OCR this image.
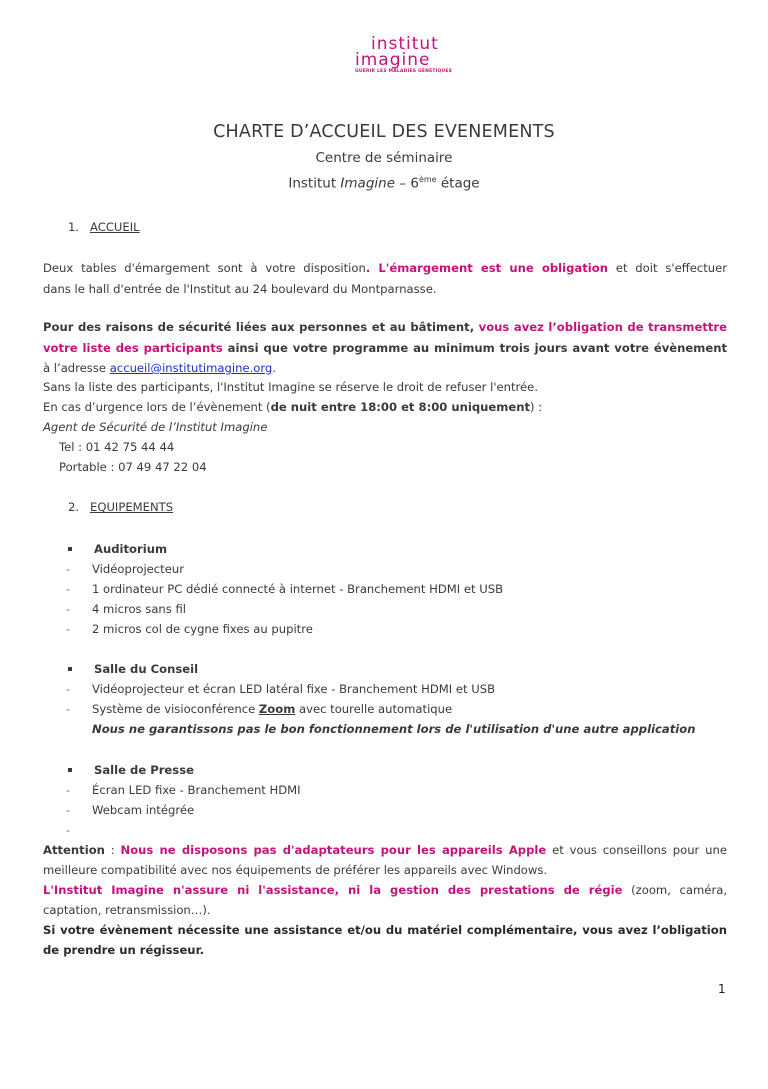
institut
imagine
GUÉRIR LES MALADIES GÉNÉTIQUES
CHARTE D’ACCUEIL DES EVENEMENTS
Centre de séminaire
Institut Imagine – 6ème étage
1. ACCUEIL
Deux tables d'émargement sont à votre disposition. L'émargement est une obligation et doit s'effectuer
dans le hall d'entrée de l'Institut au 24 boulevard du Montparnasse.
Pour des raisons de sécurité liées aux personnes et au bâtiment, vous avez l’obligation de transmettre
votre liste des participants ainsi que votre programme au minimum trois jours avant votre évènement
à l’adresse accueil@institutimagine.org.
Sans la liste des participants, l'Institut Imagine se réserve le droit de refuser l'entrée.
En cas d’urgence lors de l’évènement (de nuit entre 18:00 et 8:00 uniquement) :
Agent de Sécurité de l’Institut Imagine
Tel : 01 42 75 44 44
Portable : 07 49 47 22 04
2. EQUIPEMENTS
Auditorium
- Vidéoprojecteur
- 1 ordinateur PC dédié connecté à internet - Branchement HDMI et USB
- 4 micros sans fil
- 2 micros col de cygne fixes au pupitre
Salle du Conseil
- Vidéoprojecteur et écran LED latéral fixe - Branchement HDMI et USB
- Système de visioconférence Zoom avec tourelle automatique
Nous ne garantissons pas le bon fonctionnement lors de l'utilisation d'une autre application
Salle de Presse
- Écran LED fixe - Branchement HDMI
- Webcam intégrée
-
Attention : Nous ne disposons pas d'adaptateurs pour les appareils Apple et vous conseillons pour une
meilleure compatibilité avec nos équipements de préférer les appareils avec Windows.
L'Institut Imagine n'assure ni l'assistance, ni la gestion des prestations de régie (zoom, caméra,
captation, retransmission…).
Si votre évènement nécessite une assistance et/ou du matériel complémentaire, vous avez l’obligation
de prendre un régisseur.
1
